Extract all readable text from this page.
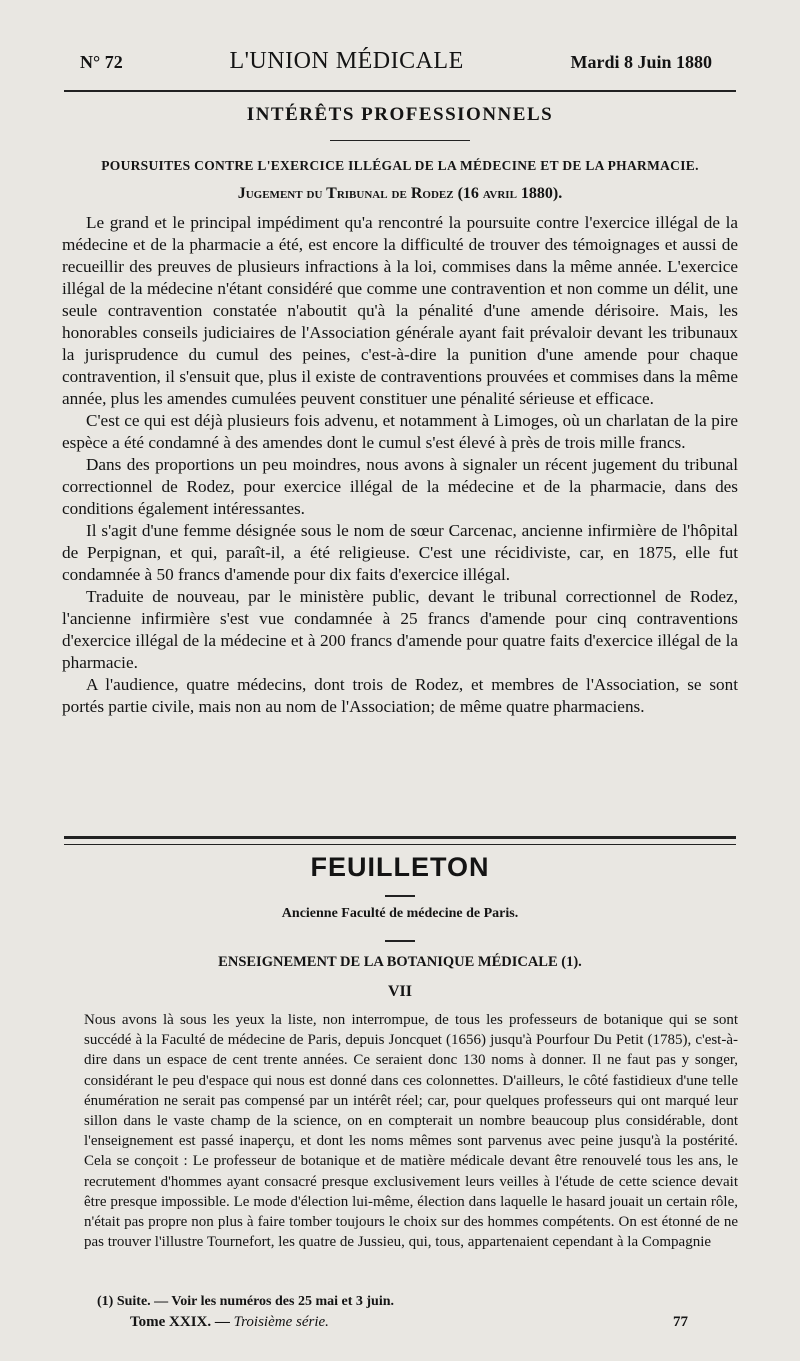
N° 72	L'UNION MÉDICALE	Mardi 8 Juin 1880
INTÉRÊTS PROFESSIONNELS
POURSUITES CONTRE L'EXERCICE ILLÉGAL DE LA MÉDECINE ET DE LA PHARMACIE.
Jugement du Tribunal de Rodez (16 avril 1880).

Le grand et le principal impédiment qu'a rencontré la poursuite contre l'exercice illégal de la médecine et de la pharmacie a été, est encore la difficulté de trouver des témoignages et aussi de recueillir des preuves de plusieurs infractions à la loi, commises dans la même année. L'exercice illégal de la médecine n'étant considéré que comme une contravention et non comme un délit, une seule contravention constatée n'aboutit qu'à la pénalité d'une amende dérisoire. Mais, les honorables conseils judiciaires de l'Association générale ayant fait prévaloir devant les tribunaux la jurisprudence du cumul des peines, c'est-à-dire la punition d'une amende pour chaque contravention, il s'ensuit que, plus il existe de contraventions prouvées et commises dans la même année, plus les amendes cumulées peuvent constituer une pénalité sérieuse et efficace.

C'est ce qui est déjà plusieurs fois advenu, et notamment à Limoges, où un charlatan de la pire espèce a été condamné à des amendes dont le cumul s'est élevé à près de trois mille francs.

Dans des proportions un peu moindres, nous avons à signaler un récent jugement du tribunal correctionnel de Rodez, pour exercice illégal de la médecine et de la pharmacie, dans des conditions également intéressantes.

Il s'agit d'une femme désignée sous le nom de sœur Carcenac, ancienne infirmière de l'hôpital de Perpignan, et qui, paraît-il, a été religieuse. C'est une récidiviste, car, en 1875, elle fut condamnée à 50 francs d'amende pour dix faits d'exercice illégal.

Traduite de nouveau, par le ministère public, devant le tribunal correctionnel de Rodez, l'ancienne infirmière s'est vue condamnée à 25 francs d'amende pour cinq contraventions d'exercice illégal de la médecine et à 200 francs d'amende pour quatre faits d'exercice illégal de la pharmacie.

A l'audience, quatre médecins, dont trois de Rodez, et membres de l'Association, se sont portés partie civile, mais non au nom de l'Association; de même quatre pharmaciens.

FEUILLETON
Ancienne Faculté de médecine de Paris.
ENSEIGNEMENT DE LA BOTANIQUE MÉDICALE (1).
VII

Nous avons là sous les yeux la liste, non interrompue, de tous les professeurs de botanique qui se sont succédé à la Faculté de médecine de Paris, depuis Joncquet (1656) jusqu'à Pourfour Du Petit (1785), c'est-à-dire dans un espace de cent trente années. Ce seraient donc 130 noms à donner. Il ne faut pas y songer, considérant le peu d'espace qui nous est donné dans ces colonnettes. D'ailleurs, le côté fastidieux d'une telle énumération ne serait pas compensé par un intérêt réel; car, pour quelques professeurs qui ont marqué leur sillon dans le vaste champ de la science, on en compterait un nombre beaucoup plus considérable, dont l'enseignement est passé inaperçu, et dont les noms mêmes sont parvenus avec peine jusqu'à la postérité. Cela se conçoit : Le professeur de botanique et de matière médicale devant être renouvelé tous les ans, le recrutement d'hommes ayant consacré presque exclusivement leurs veilles à l'étude de cette science devait être presque impossible. Le mode d'élection lui-même, élection dans laquelle le hasard jouait un certain rôle, n'était pas propre non plus à faire tomber toujours le choix sur des hommes compétents. On est étonné de ne pas trouver l'illustre Tournefort, les quatre de Jussieu, qui, tous, appartenaient cependant à la Compagnie

(1) Suite. — Voir les numéros des 25 mai et 3 juin.
Tome XXIX. — Troisième série.	77
